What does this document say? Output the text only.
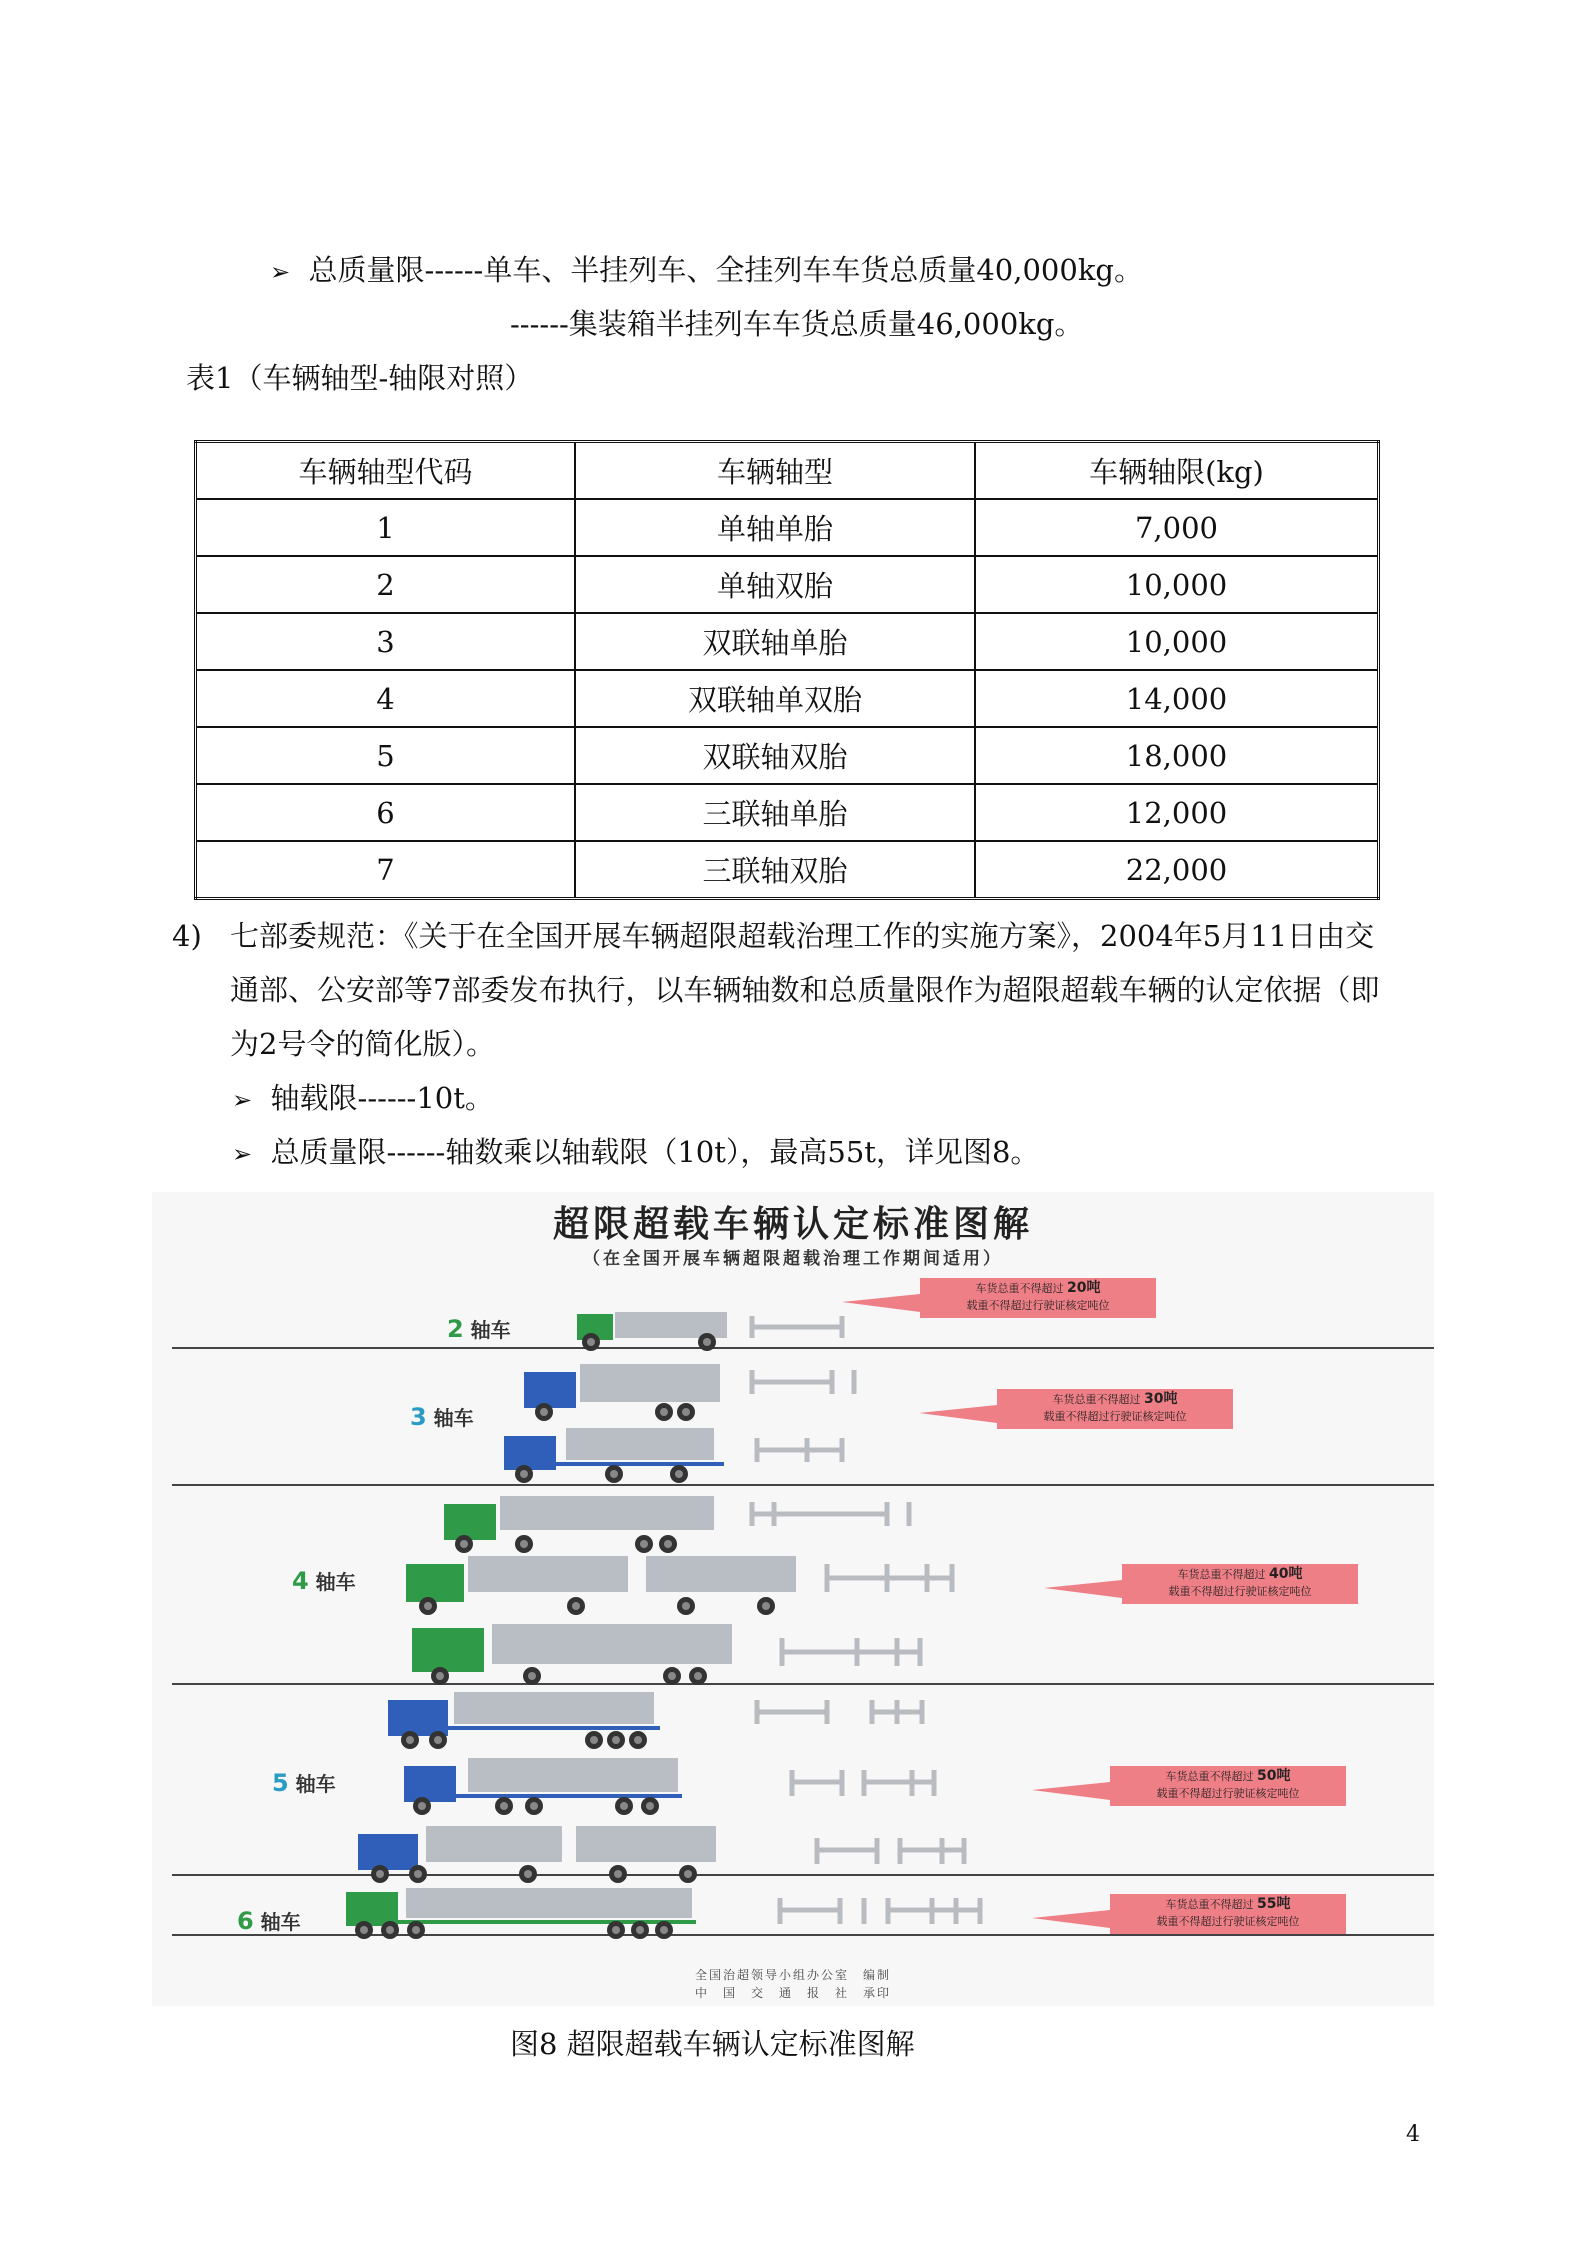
➢ 总质量限------单车、半挂列车、全挂列车车货总质量40,000kg。
------集装箱半挂列车车货总质量46,000kg。
表1（车辆轴型-轴限对照）
车辆轴型代码	车辆轴型	车辆轴限(kg)
1	单轴单胎	7,000
2	单轴双胎	10,000
3	双联轴单胎	10,000
4	双联轴单双胎	14,000
5	双联轴双胎	18,000
6	三联轴单胎	12,000
7	三联轴双胎	22,000
4) 七部委规范：《关于在全国开展车辆超限超载治理工作的实施方案》，2004年5月11日由交
通部、公安部等7部委发布执行，以车辆轴数和总质量限作为超限超载车辆的认定依据（即
为2号令的简化版）。
➢ 轴载限------10t。
➢ 总质量限------轴数乘以轴载限（10t），最高55t，详见图8。
超限超载车辆认定标准图解
（在全国开展车辆超限超载治理工作期间适用）
2 轴车
3 轴车
4 轴车
5 轴车
6 轴车
车货总重不得超过 20吨
载重不得超过行驶证核定吨位
车货总重不得超过 30吨
载重不得超过行驶证核定吨位
车货总重不得超过 40吨
载重不得超过行驶证核定吨位
车货总重不得超过 50吨
载重不得超过行驶证核定吨位
车货总重不得超过 55吨
载重不得超过行驶证核定吨位
全国治超领导小组办公室　编制
中　国　交　通　报　社　承印
图8 超限超载车辆认定标准图解
4
